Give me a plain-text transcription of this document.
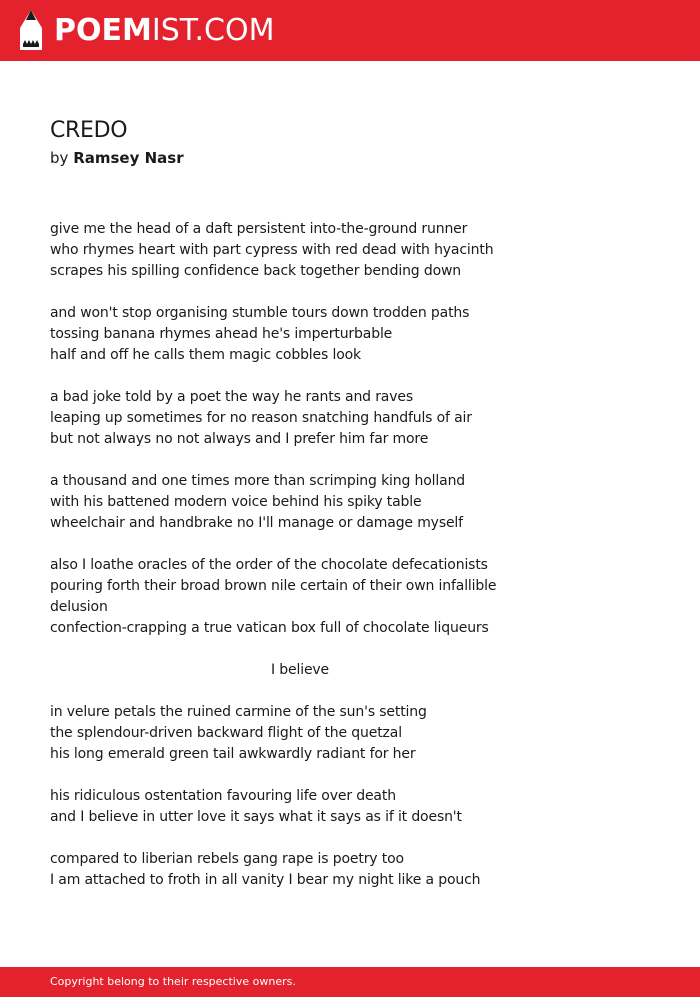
POEMIST.COM
CREDO
by Ramsey Nasr
give me the head of a daft persistent into-the-ground runner
who rhymes heart with part cypress with red dead with hyacinth
scrapes his spilling confidence back together bending down
and won't stop organising stumble tours down trodden paths
tossing banana rhymes ahead he's imperturbable
half and off he calls them magic cobbles look
a bad joke told by a poet the way he rants and raves
leaping up sometimes for no reason snatching handfuls of air
but not always no not always and I prefer him far more
a thousand and one times more than scrimping king holland
with his battened modern voice behind his spiky table
wheelchair and handbrake no I'll manage or damage myself
also I loathe oracles of the order of the chocolate defecationists
pouring forth their broad brown nile certain of their own infallible delusion
confection-crapping a true vatican box full of chocolate liqueurs
I believe
in velure petals the ruined carmine of the sun's setting
the splendour-driven backward flight of the quetzal
his long emerald green tail awkwardly radiant for her
his ridiculous ostentation favouring life over death
and I believe in utter love it says what it says as if it doesn't
compared to liberian rebels gang rape is poetry too
I am attached to froth in all vanity I bear my night like a pouch
Copyright belong to their respective owners.
